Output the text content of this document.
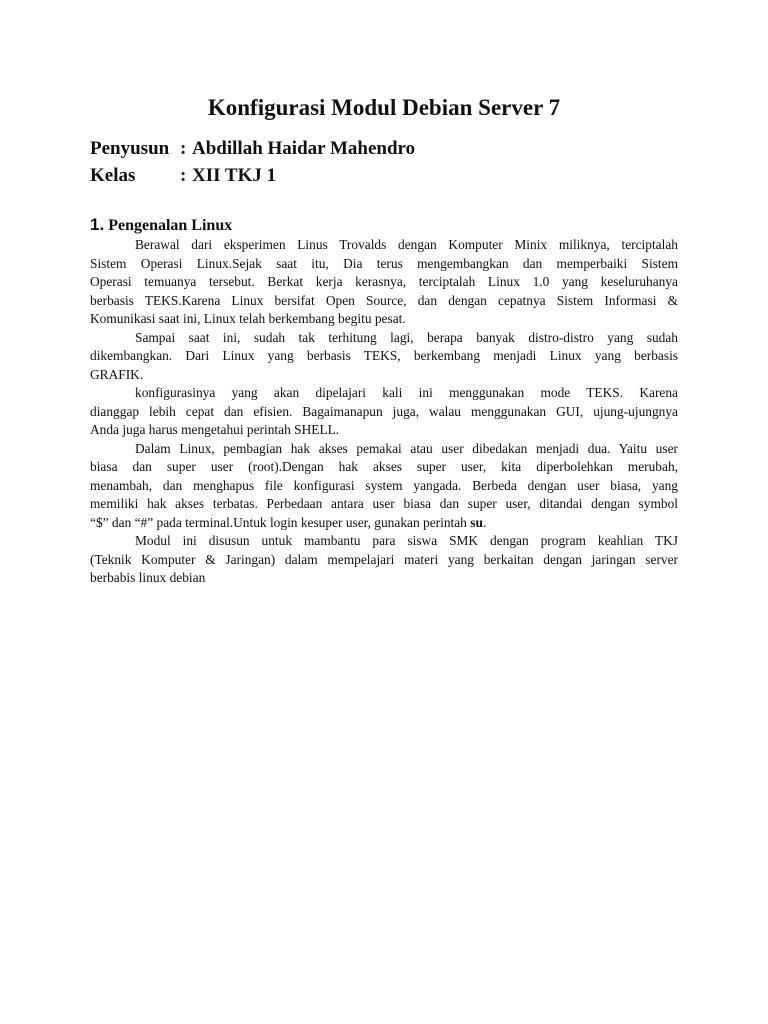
Konfigurasi Modul Debian Server 7
Penyusun : Abdillah Haidar Mahendro
Kelas	: XII TKJ 1
1. Pengenalan Linux

Berawal dari eksperimen Linus Trovalds dengan Komputer Minix miliknya, terciptalah
Sistem Operasi Linux.Sejak saat itu, Dia terus mengembangkan dan memperbaiki Sistem
Operasi temuanya tersebut. Berkat kerja kerasnya, terciptalah Linux 1.0 yang keseluruhanya
berbasis TEKS.Karena Linux bersifat Open Source, dan dengan cepatnya Sistem Informasi &
Komunikasi saat ini, Linux telah berkembang begitu pesat.

Sampai saat ini, sudah tak terhitung lagi, berapa banyak distro-distro yang sudah
dikembangkan. Dari Linux yang berbasis TEKS, berkembang menjadi Linux yang berbasis
GRAFIK.

konfigurasinya yang akan dipelajari kali ini menggunakan mode TEKS. Karena
dianggap lebih cepat dan efisien. Bagaimanapun juga, walau menggunakan GUI, ujung-ujungnya
Anda juga harus mengetahui perintah SHELL.

Dalam Linux, pembagian hak akses pemakai atau user dibedakan menjadi dua. Yaitu user
biasa dan super user (root).Dengan hak akses super user, kita diperbolehkan merubah,
menambah, dan menghapus file konfigurasi system yangada. Berbeda dengan user biasa, yang
memiliki hak akses terbatas. Perbedaan antara user biasa dan super user, ditandai dengan symbol
“$” dan “#” pada terminal.Untuk login kesuper user, gunakan perintah su.

Modul ini disusun untuk mambantu para siswa SMK dengan program keahlian TKJ
(Teknik Komputer & Jaringan) dalam mempelajari materi yang berkaitan dengan jaringan server
berbabis linux debian
